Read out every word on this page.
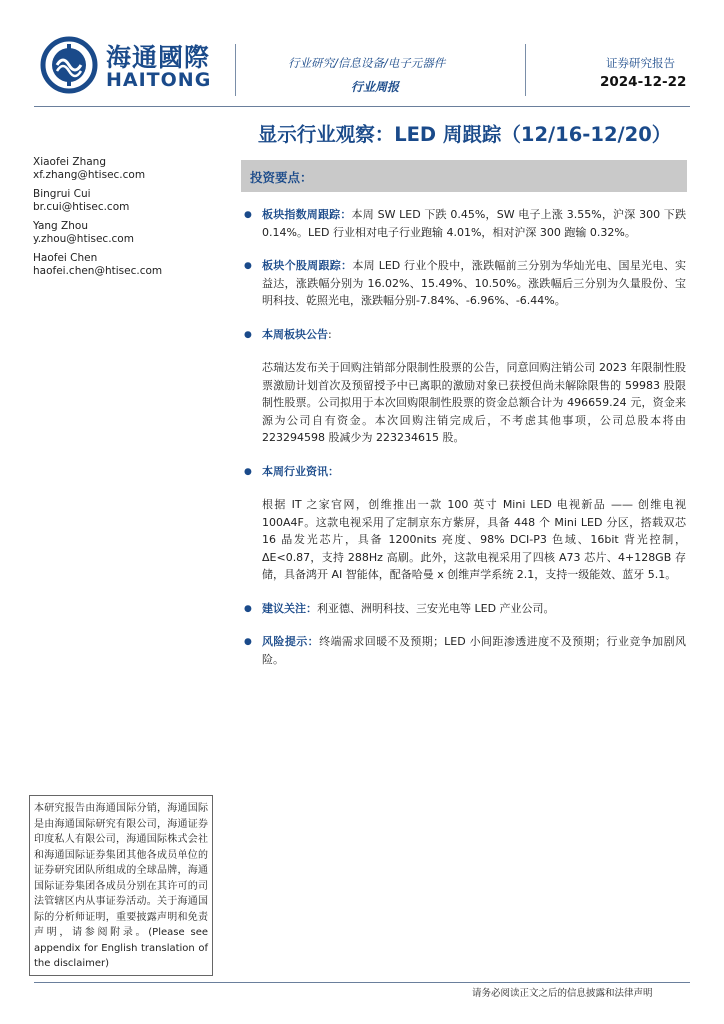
海通國際
HAITONG
行业研究/信息设备/电子元器件
行业周报
证券研究报告
2024-12-22
显示行业观察：LED 周跟踪（12/16-12/20）
Xiaofei Zhang
xf.zhang@htisec.com
Bingrui Cui
br.cui@htisec.com
Yang Zhou
y.zhou@htisec.com
Haofei Chen
haofei.chen@htisec.com
投资要点：
● 板块指数周跟踪：本周 SW LED 下跌 0.45%，SW 电子上涨 3.55%，沪深 300 下跌 0.14%。LED 行业相对电子行业跑输 4.01%，相对沪深 300 跑输 0.32%。
● 板块个股周跟踪：本周 LED 行业个股中，涨跌幅前三分别为华灿光电、国星光电、实益达，涨跌幅分别为 16.02%、15.49%、10.50%。涨跌幅后三分别为久量股份、宝明科技、乾照光电，涨跌幅分别-7.84%、-6.96%、-6.44%。
● 本周板块公告:
芯瑞达发布关于回购注销部分限制性股票的公告，同意回购注销公司 2023 年限制性股票激励计划首次及预留授予中已离职的激励对象已获授但尚未解除限售的 59983 股限制性股票。公司拟用于本次回购限制性股票的资金总额合计为 496659.24 元，资金来源为公司自有资金。本次回购注销完成后，不考虑其他事项，公司总股本将由 223294598 股减少为 223234615 股。
● 本周行业资讯：
根据 IT 之家官网，创维推出一款 100 英寸 Mini LED 电视新品 —— 创维电视 100A4F。这款电视采用了定制京东方紫屏，具备 448 个 Mini LED 分区，搭载双芯 16 晶发光芯片，具备 1200nits 亮度、98% DCI-P3 色域、16bit 背光控制，ΔE<0.87，支持 288Hz 高刷。此外，这款电视采用了四核 A73 芯片、4+128GB 存储，具备鸿开 AI 智能体，配备哈曼 x 创维声学系统 2.1，支持一级能效、蓝牙 5.1。
● 建议关注：利亚德、洲明科技、三安光电等 LED 产业公司。
● 风险提示：终端需求回暖不及预期；LED 小间距渗透进度不及预期；行业竞争加剧风险。
本研究报告由海通国际分销，海通国际是由海通国际研究有限公司，海通证券印度私人有限公司，海通国际株式会社和海通国际证券集团其他各成员单位的证券研究团队所组成的全球品牌，海通国际证券集团各成员分别在其许可的司法管辖区内从事证券活动。关于海通国际的分析师证明，重要披露声明和免责声明，请参阅附录。(Please see appendix for English translation of the disclaimer)
请务必阅读正文之后的信息披露和法律声明
